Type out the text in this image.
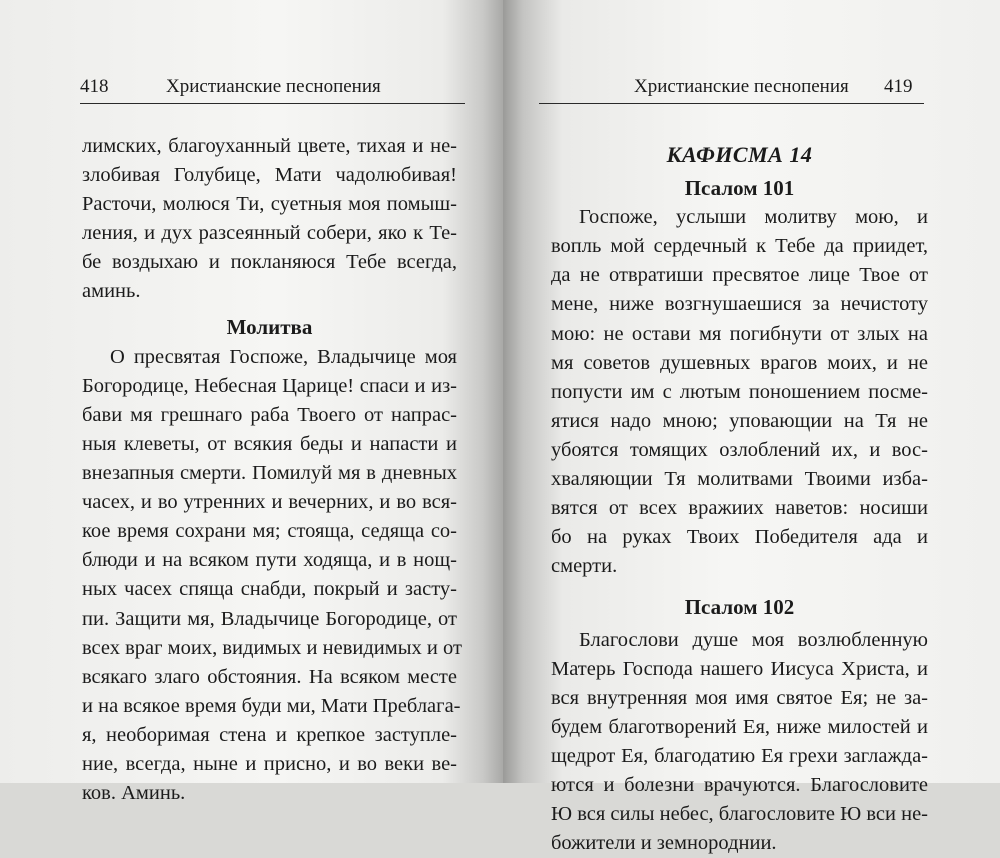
418	Христианские песнопения
лимских, благоуханный цвете, тихая и не-
злобивая Голубице, Мати чадолюбивая!
Расточи, молюся Ти, суетныя моя помыш-
ления, и дух разсеянный собери, яко к Те-
бе воздыхаю и покланяюся Тебе всегда,
аминь.
Молитва
О пресвятая Госпоже, Владычице моя
Богородице, Небесная Царице! спаси и из-
бави мя грешнаго раба Твоего от напрас-
ныя клеветы, от всякия беды и напасти и
внезапныя смерти. Помилуй мя в дневных
часех, и во утренних и вечерних, и во вся-
кое время сохрани мя; стояща, седяща со-
блюди и на всяком пути ходяща, и в нощ-
ных часех спяща снабди, покрый и засту-
пи. Защити мя, Владычице Богородице, от
всех враг моих, видимых и невидимых и от
всякаго злаго обстояния. На всяком месте
и на всякое время буди ми, Мати Преблага-
я, необоримая стена и крепкое заступле-
ние, всегда, ныне и присно, и во веки ве-
ков. Аминь.
Христианские песнопения 419
КАФИСМА 14
Псалом 101
Госпоже, услыши молитву мою, и
вопль мой сердечный к Тебе да приидет,
да не отвратиши пресвятое лице Твое от
мене, ниже возгнушаешися за нечистоту
мою: не остави мя погибнути от злых на
мя советов душевных врагов моих, и не
попусти им с лютым поношением посме-
ятися надо мною; уповающии на Тя не
убоятся томящих озлоблений их, и вос-
хваляющии Тя молитвами Твоими изба-
вятся от всех вражиих наветов: носиши
бо на руках Твоих Победителя ада и
смерти.
Псалом 102
Благослови душе моя возлюбленную
Матерь Господа нашего Иисуса Христа, и
вся внутренняя моя имя святое Ея; не за-
будем благотворений Ея, ниже милостей и
щедрот Ея, благодатию Ея грехи заглажда-
ются и болезни врачуются. Благословите
Ю вся силы небес, благословите Ю вси не-
божители и земнороднии.
